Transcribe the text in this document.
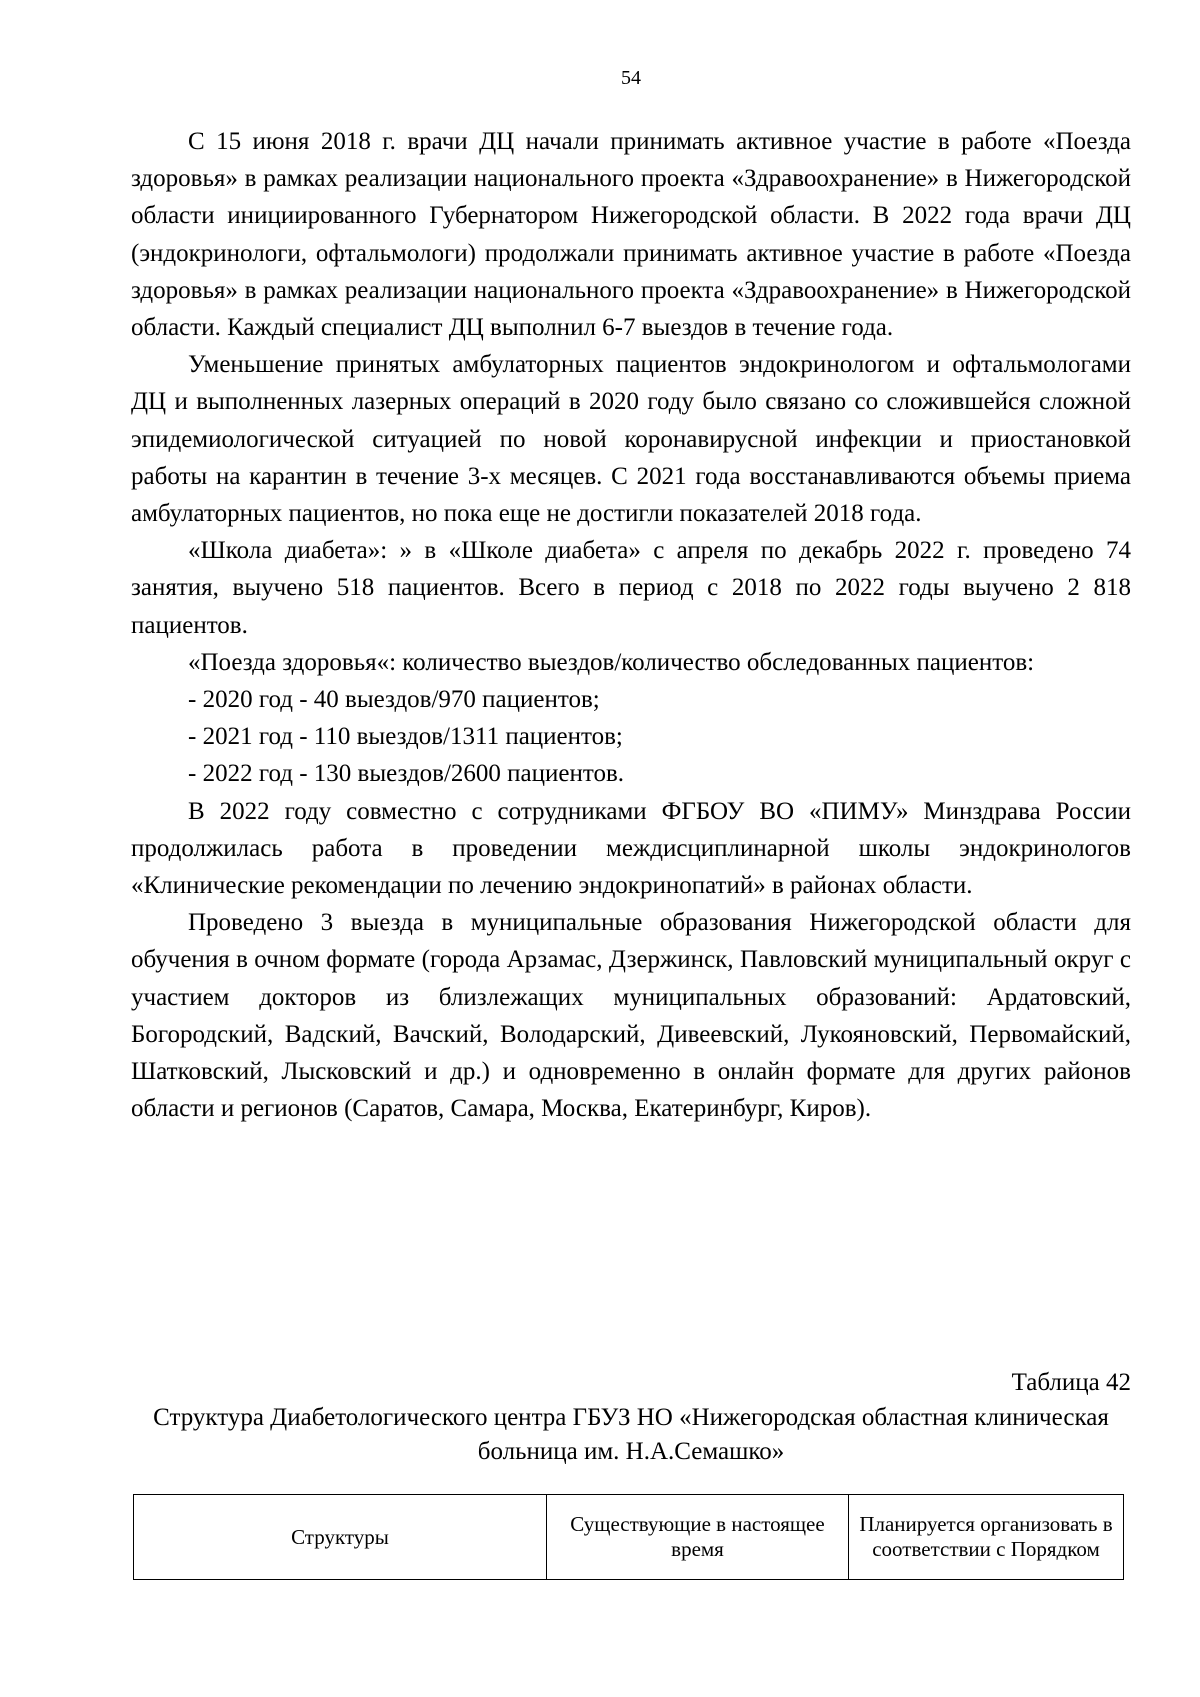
54

С 15 июня 2018 г. врачи ДЦ начали принимать активное участие в работе «Поезда здоровья» в рамках реализации национального проекта «Здравоохранение» в Нижегородской области инициированного Губернатором Нижегородской области. В 2022 года врачи ДЦ (эндокринологи, офтальмологи) продолжали принимать активное участие в работе «Поезда здоровья» в рамках реализации национального проекта «Здравоохранение» в Нижегородской области. Каждый специалист ДЦ выполнил 6-7 выездов в течение года.

Уменьшение принятых амбулаторных пациентов эндокринологом и офтальмологами ДЦ и выполненных лазерных операций в 2020 году было связано со сложившейся сложной эпидемиологической ситуацией по новой коронавирусной инфекции и приостановкой работы на карантин в течение 3-х месяцев. С 2021 года восстанавливаются объемы приема амбулаторных пациентов, но пока еще не достигли показателей 2018 года.

«Школа диабета»: » в «Школе диабета» с апреля по декабрь 2022 г. проведено 74 занятия, выучено 518 пациентов. Всего в период с 2018 по 2022 годы выучено 2 818 пациентов.

«Поезда здоровья«: количество выездов/количество обследованных пациентов:

- 2020 год - 40 выездов/970 пациентов;

- 2021 год - 110 выездов/1311 пациентов;

- 2022 год - 130 выездов/2600 пациентов.

В 2022 году совместно с сотрудниками ФГБОУ ВО «ПИМУ» Минздрава России продолжилась работа в проведении междисциплинарной школы эндокринологов «Клинические рекомендации по лечению эндокринопатий» в районах области.

Проведено 3 выезда в муниципальные образования Нижегородской области для обучения в очном формате (города Арзамас, Дзержинск, Павловский муниципальный округ с участием докторов из близлежащих муниципальных образований: Ардатовский, Богородский, Вадский, Вачский, Володарский, Дивеевский, Лукояновский, Первомайский, Шатковский, Лысковский и др.) и одновременно в онлайн формате для других районов области и регионов (Саратов, Самара, Москва, Екатеринбург, Киров).

Таблица 42
Структура Диабетологического центра ГБУЗ НО «Нижегородская областная клиническая больница им. Н.А.Семашко»
Структуры	Существующие в настоящее время	Планируется организовать в соответствии с Порядком
